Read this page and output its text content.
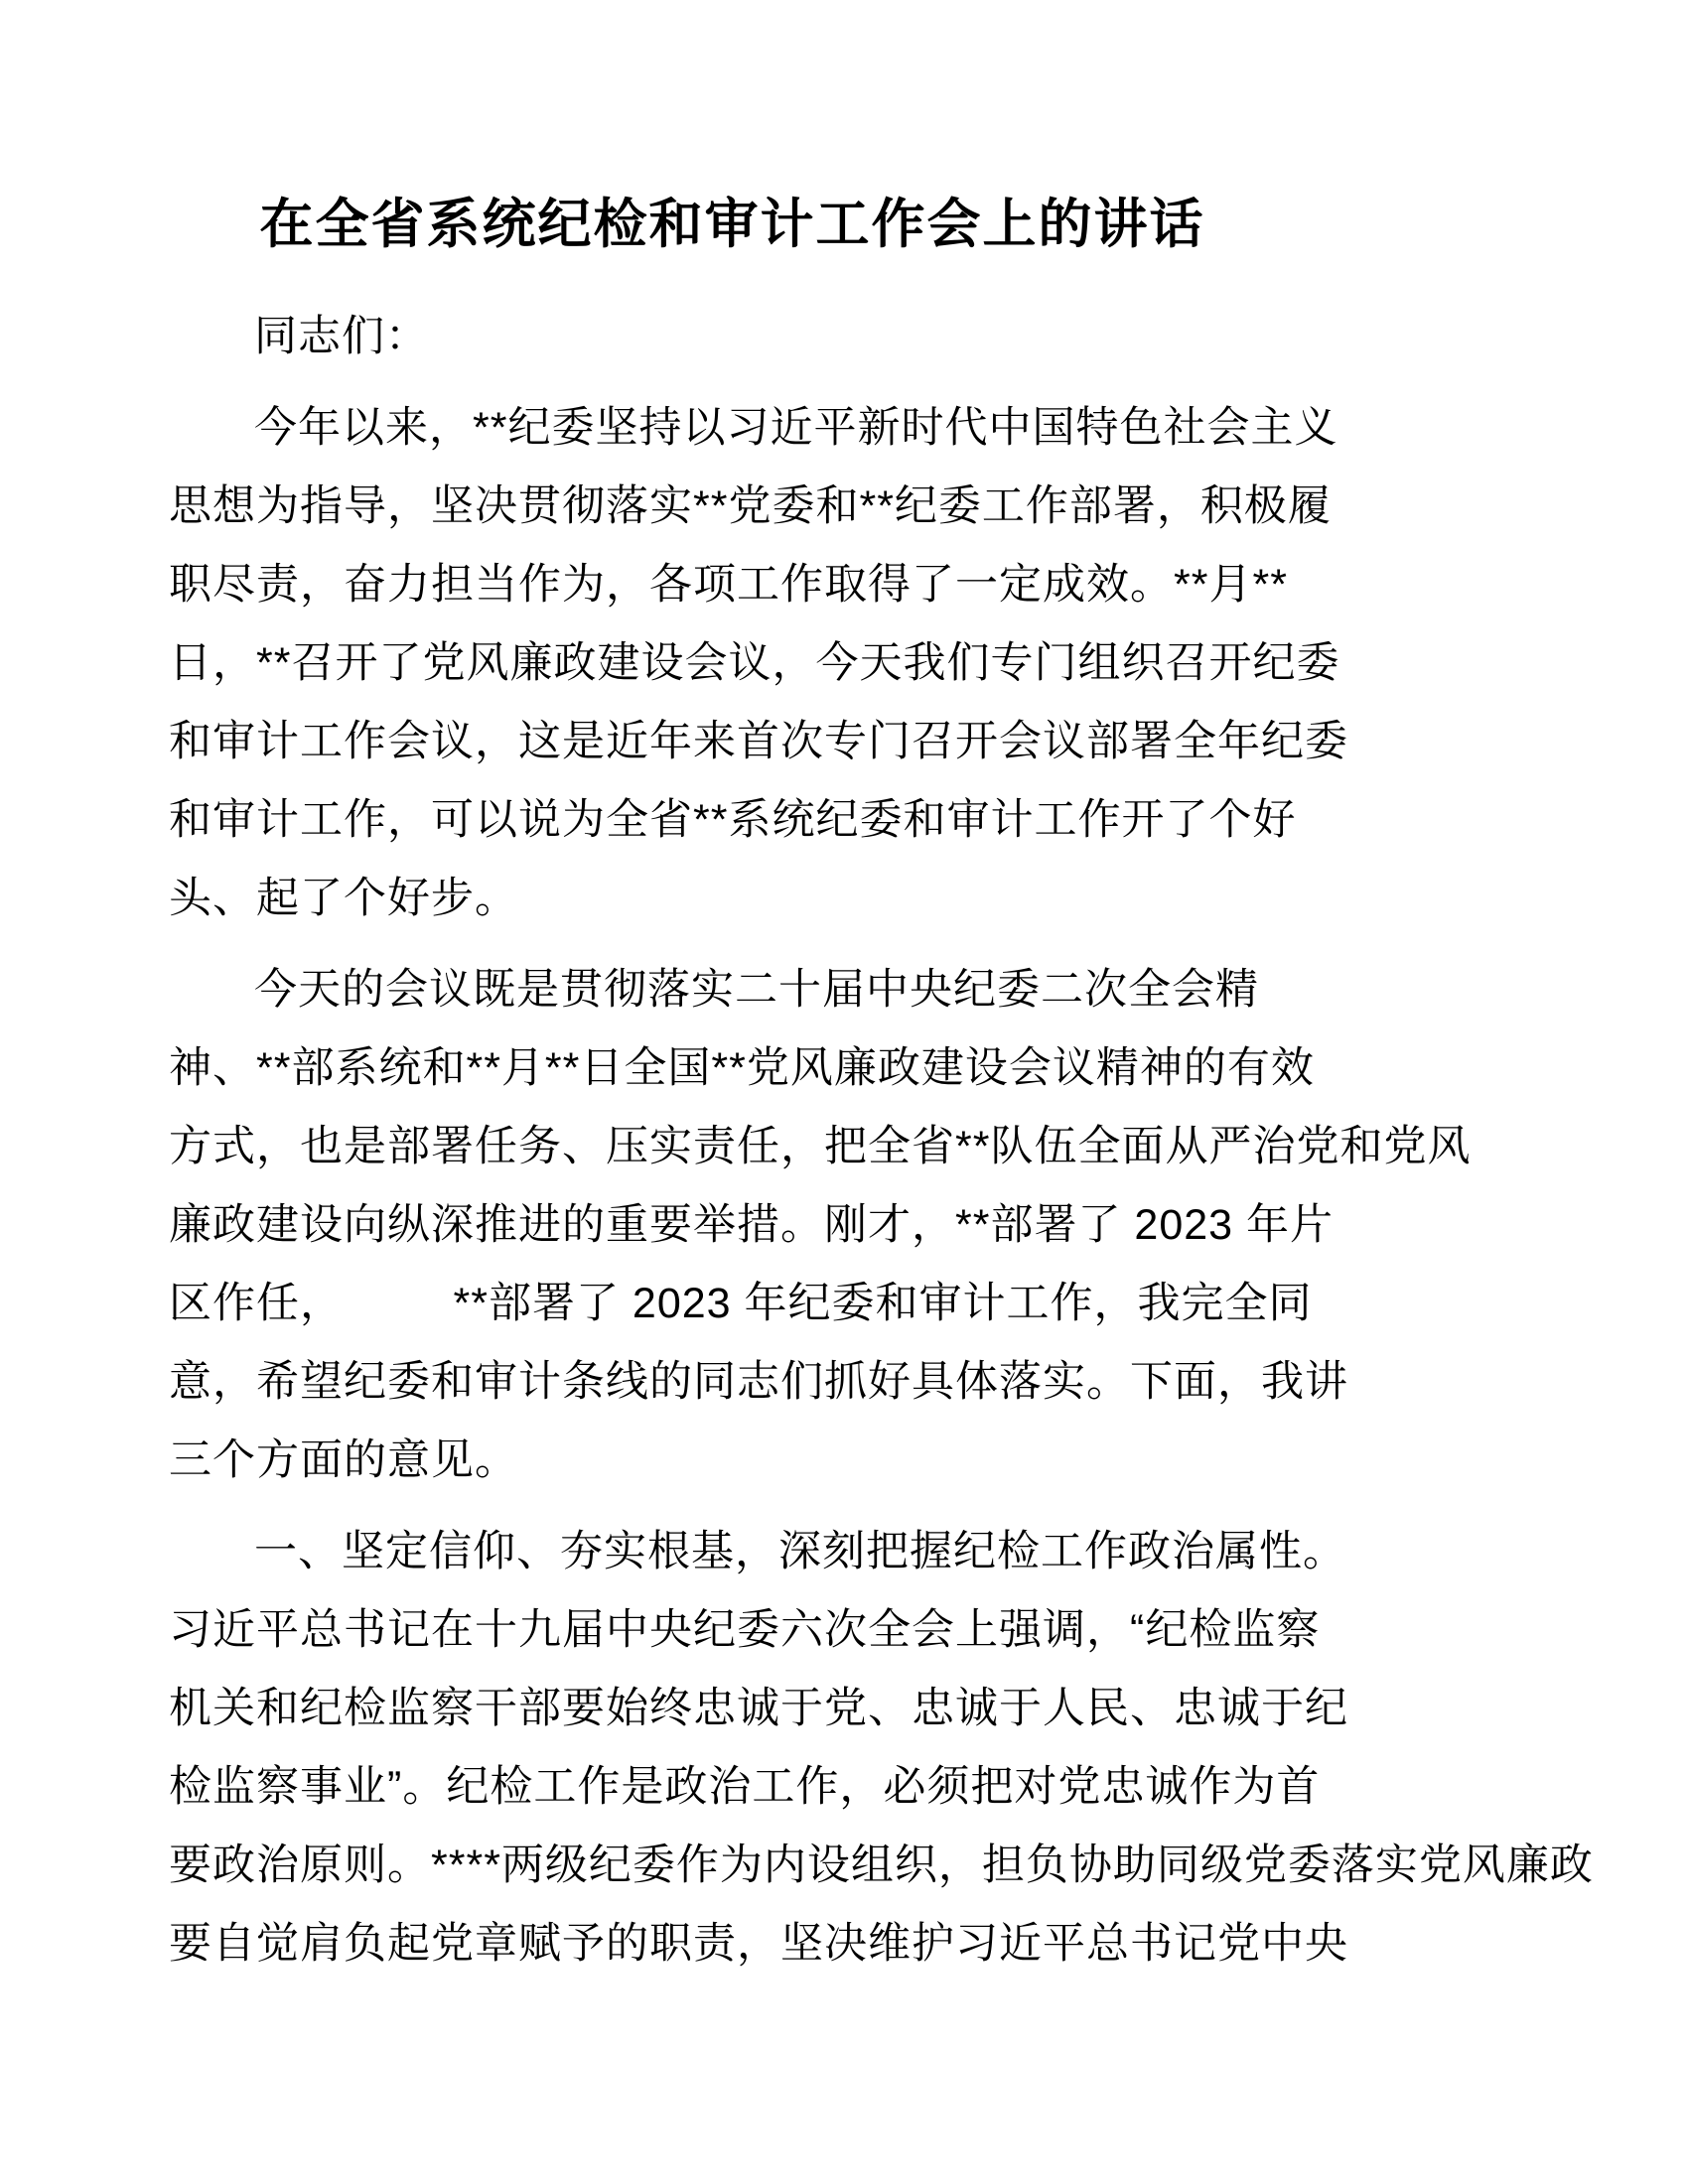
在全省系统纪检和审计工作会上的讲话
同志们：
今年以来，**纪委坚持以习近平新时代中国特色社会主义
思想为指导，坚决贯彻落实**党委和**纪委工作部署，积极履
职尽责，奋力担当作为，各项工作取得了一定成效。**月**
日，**召开了党风廉政建设会议，今天我们专门组织召开纪委
和审计工作会议，这是近年来首次专门召开会议部署全年纪委
和审计工作，可以说为全省**系统纪委和审计工作开了个好
头、起了个好步。
今天的会议既是贯彻落实二十届中央纪委二次全会精
神、**部系统和**月**日全国**党风廉政建设会议精神的有效
方式，也是部署任务、压实责任，把全省**队伍全面从严治党和党风
廉政建设向纵深推进的重要举措。刚才，**部署了 2023 年片
区作任，　　　**部署了 2023 年纪委和审计工作，我完全同
意，希望纪委和审计条线的同志们抓好具体落实。下面，我讲
三个方面的意见。
一、坚定信仰、夯实根基，深刻把握纪检工作政治属性。
习近平总书记在十九届中央纪委六次全会上强调，“纪检监察
机关和纪检监察干部要始终忠诚于党、忠诚于人民、忠诚于纪
检监察事业”。纪检工作是政治工作，必须把对党忠诚作为首
要政治原则。****两级纪委作为内设组织，担负协助同级党委落实党风廉政
要自觉肩负起党章赋予的职责，坚决维护习近平总书记党中央
